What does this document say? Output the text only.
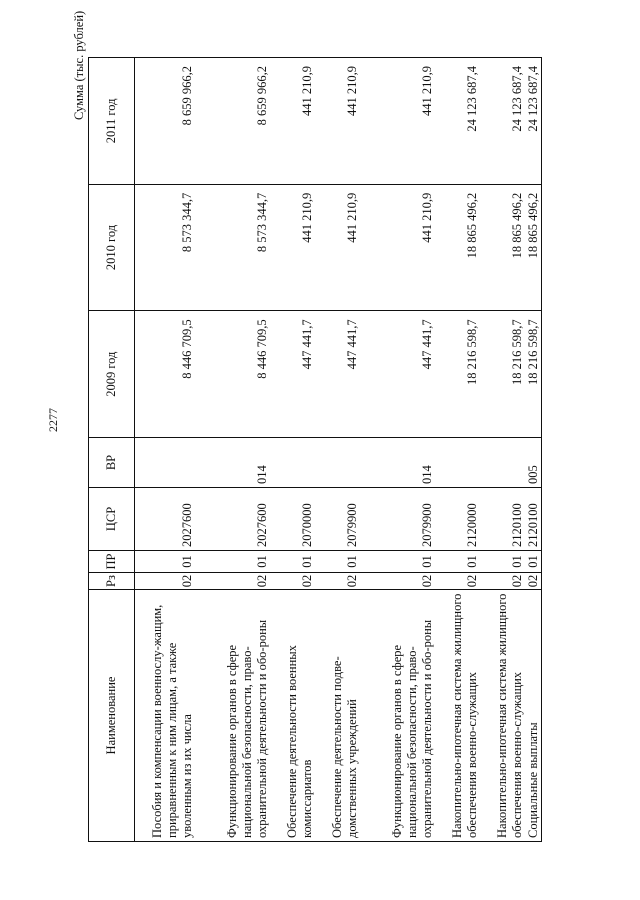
2277
Сумма (тыс. рублей)
Наименование	Рз	ПР	ЦСР	ВР	2009 год	2010 год	2011 год
Пособия и компенсации военнослу-жащим, приравненным к ним лицам, а также уволенным из их числа	02	01	2027600		8 446 709,5	8 573 344,7	8 659 966,2
Функционирование органов в сфере национальной безопасности, право-охранительной деятельности и обо-роны	02	01	2027600	014	8 446 709,5	8 573 344,7	8 659 966,2
Обеспечение деятельности военных комиссариатов	02	01	2070000		447 441,7	441 210,9	441 210,9
Обеспечение деятельности подве-домственных учреждений	02	01	2079900		447 441,7	441 210,9	441 210,9
Функционирование органов в сфере национальной безопасности, право-охранительной деятельности и обо-роны	02	01	2079900	014	447 441,7	441 210,9	441 210,9
Накопительно-ипотечная система жилищного обеспечения военно-служащих	02	01	2120000		18 216 598,7	18 865 496,2	24 123 687,4
Накопительно-ипотечная система жилищного обеспечения военно-служащих	02	01	2120100		18 216 598,7	18 865 496,2	24 123 687,4
Социальные выплаты	02	01	2120100	005	18 216 598,7	18 865 496,2	24 123 687,4
